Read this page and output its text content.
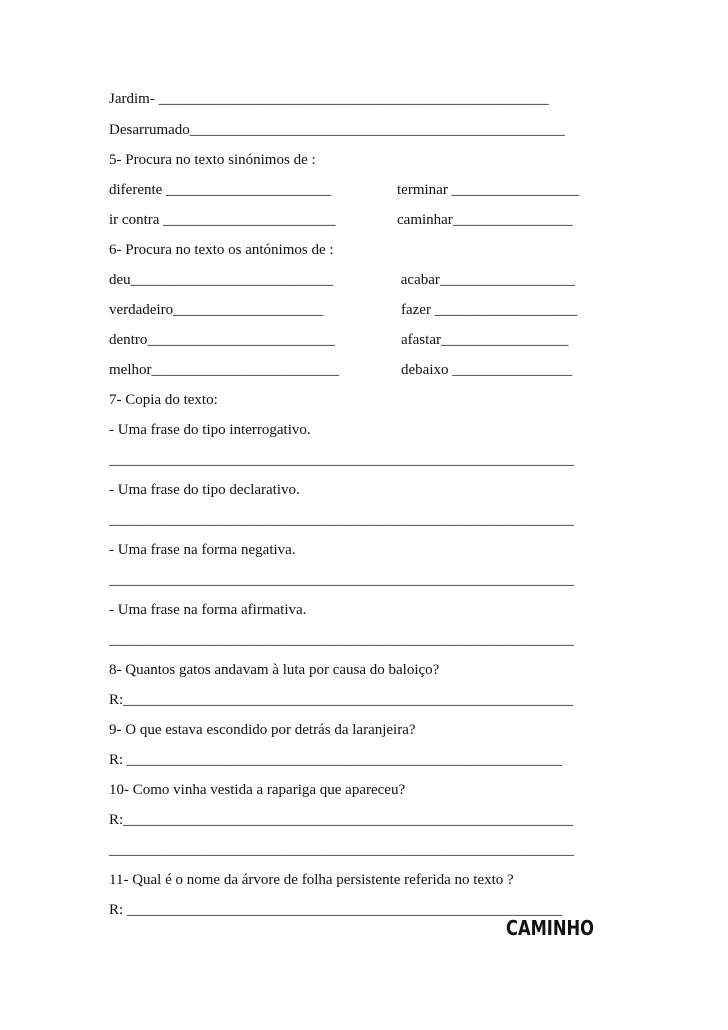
Jardim- ____________________________________________________
Desarrumado__________________________________________________
5- Procura no texto sinónimos de :
diferente ______________________	terminar _________________
ir contra _______________________	caminhar________________
6- Procura no texto os antónimos de :
deu___________________________	acabar__________________
verdadeiro____________________	fazer ___________________
dentro_________________________	afastar_________________
melhor_________________________	debaixo ________________
7- Copia do texto:
- Uma frase do tipo interrogativo.
______________________________________________________________
- Uma frase do tipo declarativo.
______________________________________________________________
- Uma frase na forma negativa.
______________________________________________________________
- Uma frase na forma afirmativa.
______________________________________________________________
8- Quantos gatos andavam à luta por causa do baloiço?
R:____________________________________________________________
9- O que estava escondido por detrás da laranjeira?
R: __________________________________________________________
10- Como vinha vestida a rapariga que apareceu?
R:____________________________________________________________
______________________________________________________________
11- Qual é o nome da árvore de folha persistente referida no texto ?
R: __________________________________________________________
CAMINHO
